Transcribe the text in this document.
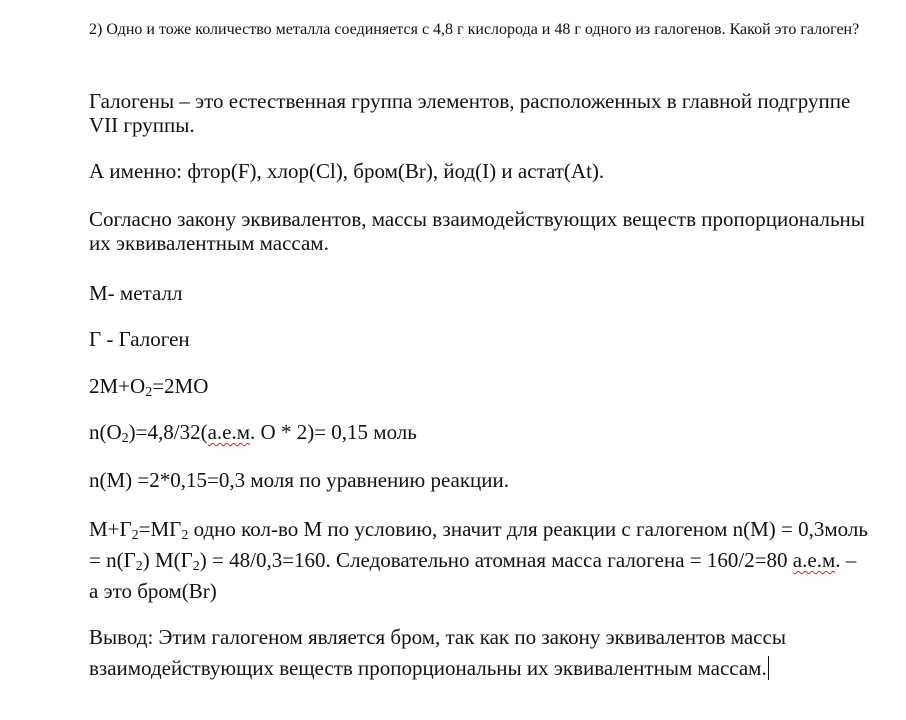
2) Одно и тоже количество металла соединяется с 4,8 г кислорода и 48 г одного из галогенов. Какой это галоген?

Галогены – это естественная группа элементов, расположенных в главной подгруппе VII группы.

А именно: фтор(F), хлор(Cl), бром(Br), йод(I) и астат(At).

Согласно закону эквивалентов, массы взаимодействующих веществ пропорциональны их эквивалентным массам.

М- металл

Г - Галоген

$2M+O_2=2MO$

$n(O_2)=4,8/32(а.е.м$. O * 2)= 0,15 моль

n(M) =2*0,15=0,3 моля по уравнению реакции.

$M+Г_2=MГ_2$ одно кол-во М по условию, значит для реакции с галогеном n(M) = 0,3моль = $n(Г_2) M(Г_2) = 48/0,3=160$. Следовательно атомная масса галогена = 160/2=80 а.е.м. – а это бром(Br)

Вывод: Этим галогеном является бром, так как по закону эквивалентов массы взаимодействующих веществ пропорциональны их эквивалентным массам.
